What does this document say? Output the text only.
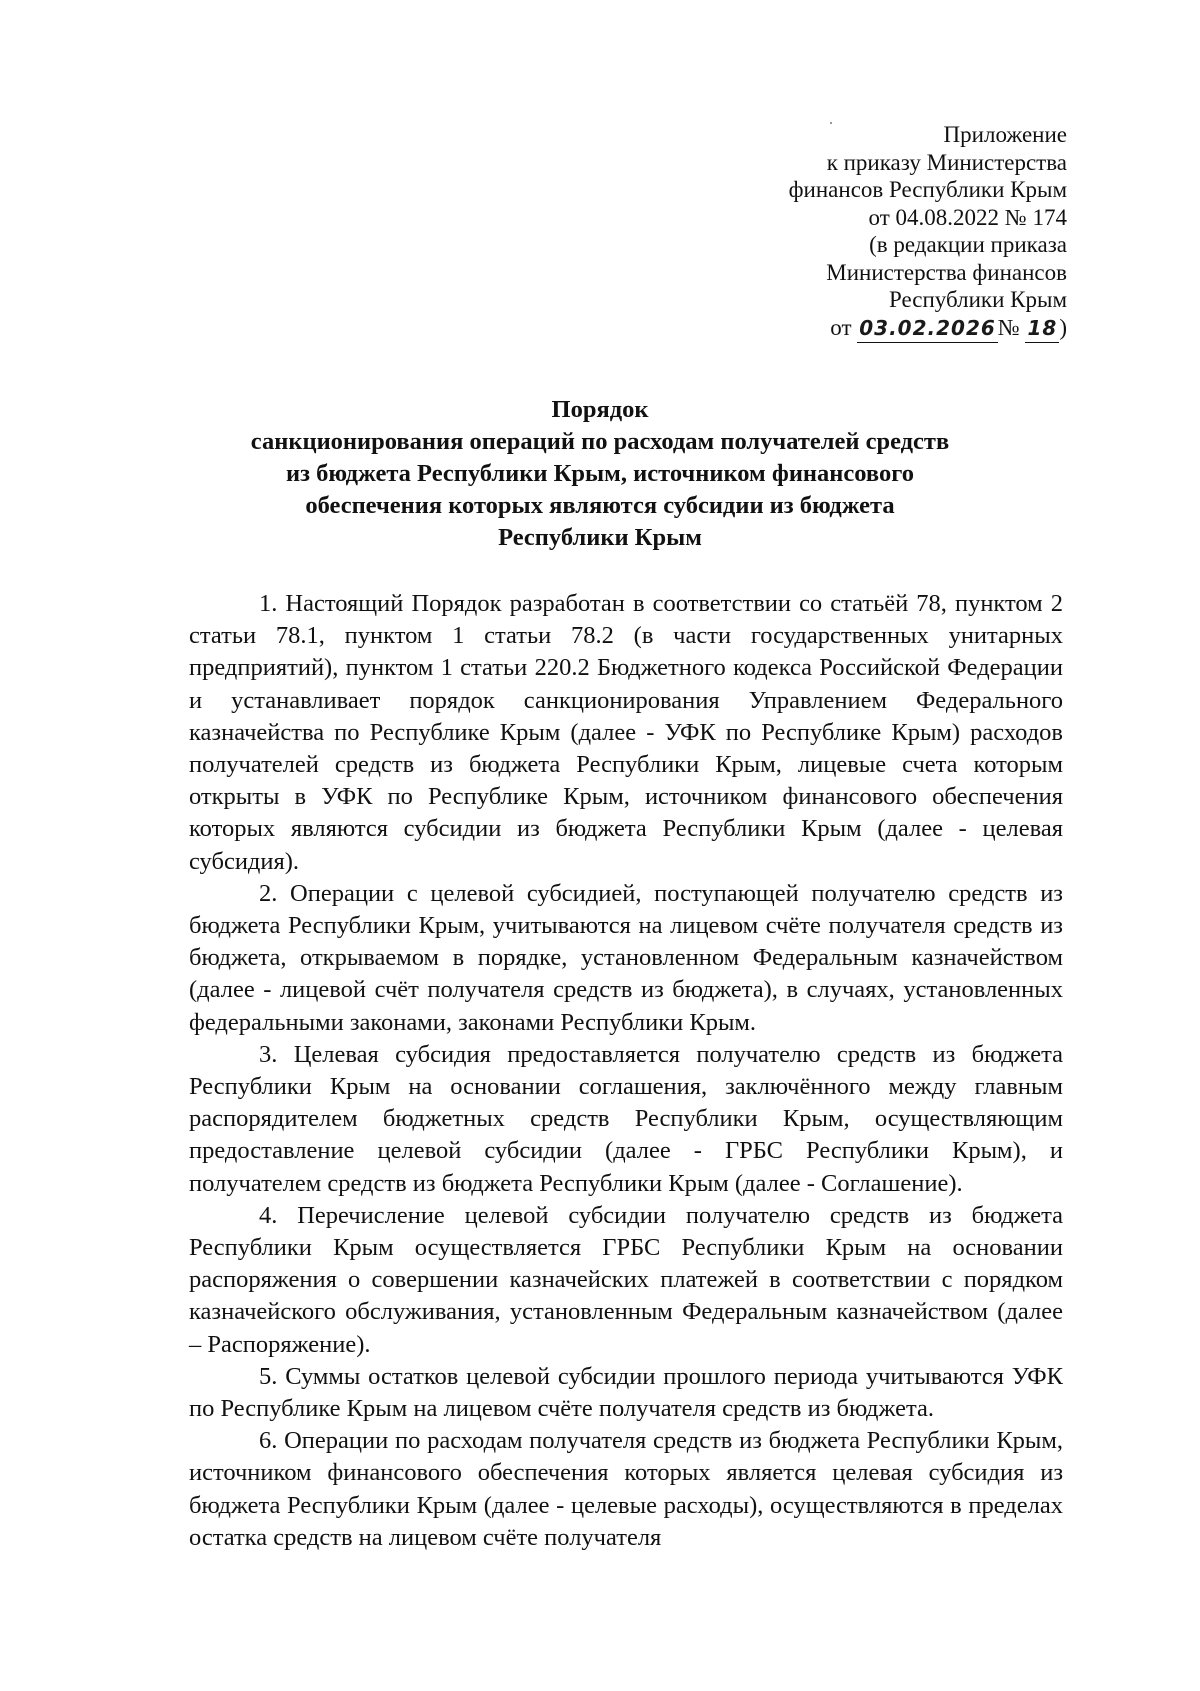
Приложение
к приказу Министерства
финансов Республики Крым
от 04.08.2022 № 174
(в редакции приказа
Министерства финансов
Республики Крым
от 03.02.2026№ 18)
Порядок
санкционирования операций по расходам получателей средств
из бюджета Республики Крым, источником финансового
обеспечения которых являются субсидии из бюджета
Республики Крым

1. Настоящий Порядок разработан в соответствии со статьёй 78, пунктом 2 статьи 78.1, пунктом 1 статьи 78.2 (в части государственных унитарных предприятий), пунктом 1 статьи 220.2 Бюджетного кодекса Российской Федерации и устанавливает порядок санкционирования Управлением Федерального казначейства по Республике Крым (далее - УФК по Республике Крым) расходов получателей средств из бюджета Республики Крым, лицевые счета которым открыты в УФК по Республике Крым, источником финансового обеспечения которых являются субсидии из бюджета Республики Крым (далее - целевая субсидия).

2. Операции с целевой субсидией, поступающей получателю средств из бюджета Республики Крым, учитываются на лицевом счёте получателя средств из бюджета, открываемом в порядке, установленном Федеральным казначейством (далее - лицевой счёт получателя средств из бюджета), в случаях, установленных федеральными законами, законами Республики Крым.

3. Целевая субсидия предоставляется получателю средств из бюджета Республики Крым на основании соглашения, заключённого между главным распорядителем бюджетных средств Республики Крым, осуществляющим предоставление целевой субсидии (далее - ГРБС Республики Крым), и получателем средств из бюджета Республики Крым (далее - Соглашение).

4. Перечисление целевой субсидии получателю средств из бюджета Республики Крым осуществляется ГРБС Республики Крым на основании распоряжения о совершении казначейских платежей в соответствии с порядком казначейского обслуживания, установленным Федеральным казначейством (далее – Распоряжение).

5. Суммы остатков целевой субсидии прошлого периода учитываются УФК по Республике Крым на лицевом счёте получателя средств из бюджета.

6. Операции по расходам получателя средств из бюджета Республики Крым, источником финансового обеспечения которых является целевая субсидия из бюджета Республики Крым (далее - целевые расходы), осуществляются в пределах остатка средств на лицевом счёте получателя
